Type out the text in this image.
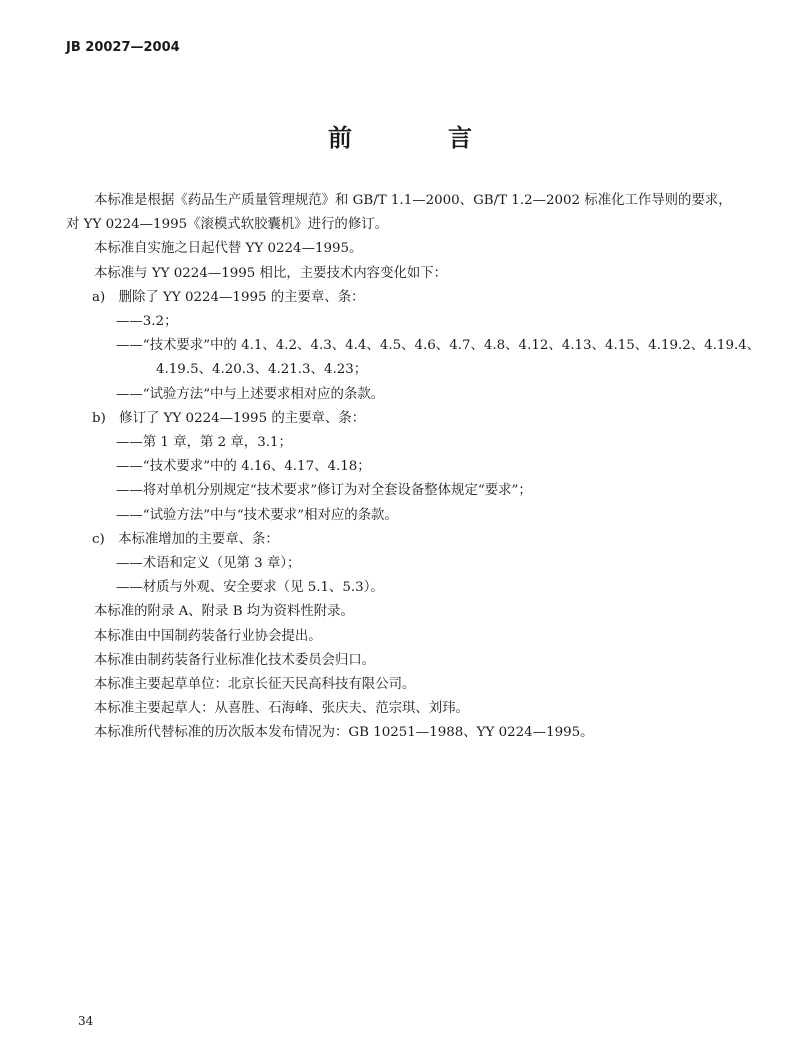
JB 20027—2004
前　言

本标准是根据《药品生产质量管理规范》和 GB/T 1.1—2000、GB/T 1.2—2002 标准化工作导则的要求，对 YY 0224—1995《滚模式软胶囊机》进行的修订。

本标准自实施之日起代替 YY 0224—1995。

本标准与 YY 0224—1995 相比，主要技术内容变化如下：

a)　删除了 YY 0224—1995 的主要章、条：

——3.2；

——“技术要求”中的 4.1、4.2、4.3、4.4、4.5、4.6、4.7、4.8、4.12、4.13、4.15、4.19.2、4.19.4、

4.19.5、4.20.3、4.21.3、4.23；

——“试验方法”中与上述要求相对应的条款。

b)　修订了 YY 0224—1995 的主要章、条：

——第 1 章，第 2 章，3.1；

——“技术要求”中的 4.16、4.17、4.18；

——将对单机分别规定“技术要求”修订为对全套设备整体规定“要求”；

——“试验方法”中与“技术要求”相对应的条款。

c)　本标准增加的主要章、条：

——术语和定义（见第 3 章）；

——材质与外观、安全要求（见 5.1、5.3）。

本标准的附录 A、附录 B 均为资料性附录。

本标准由中国制药装备行业协会提出。

本标准由制药装备行业标准化技术委员会归口。

本标准主要起草单位：北京长征天民高科技有限公司。

本标准主要起草人：从喜胜、石海峰、张庆夫、范宗琪、刘玮。

本标准所代替标准的历次版本发布情况为：GB 10251—1988、YY 0224—1995。

34
